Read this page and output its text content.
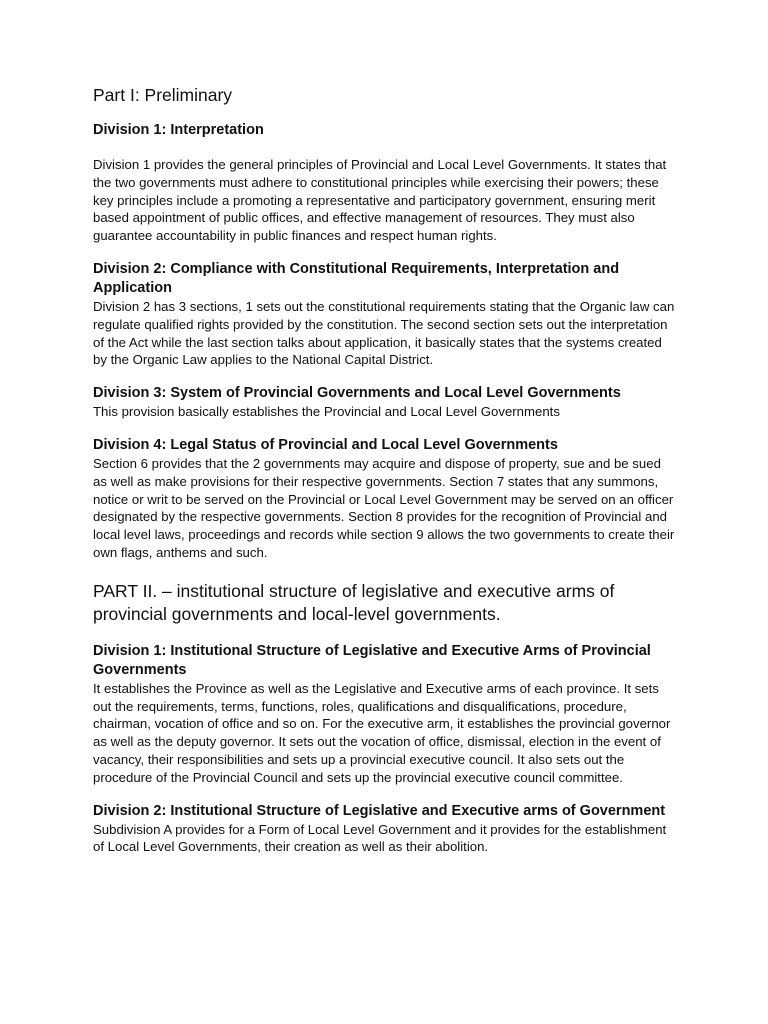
Part I: Preliminary
Division 1: Interpretation

Division 1 provides the general principles of Provincial and Local Level Governments. It states that the two governments must adhere to constitutional principles while exercising their powers; these key principles include a promoting a representative and participatory government, ensuring merit based appointment of public offices, and effective management of resources. They must also guarantee accountability in public finances and respect human rights.

Division 2: Compliance with Constitutional Requirements, Interpretation and Application

Division 2 has 3 sections, 1 sets out the constitutional requirements stating that the Organic law can regulate qualified rights provided by the constitution. The second section sets out the interpretation of the Act while the last section talks about application, it basically states that the systems created by the Organic Law applies to the National Capital District.

Division 3: System of Provincial Governments and Local Level Governments

This provision basically establishes the Provincial and Local Level Governments

Division 4: Legal Status of Provincial and Local Level Governments

Section 6 provides that the 2 governments may acquire and dispose of property, sue and be sued as well as make provisions for their respective governments. Section 7 states that any summons, notice or writ to be served on the Provincial or Local Level Government may be served on an officer designated by the respective governments. Section 8 provides for the recognition of Provincial and local level laws, proceedings and records while section 9 allows the two governments to create their own flags, anthems and such.

PART II. – institutional structure of legislative and executive arms of provincial governments and local-level governments.
Division 1: Institutional Structure of Legislative and Executive Arms of Provincial Governments

It establishes the Province as well as the Legislative and Executive arms of each province. It sets out the requirements, terms, functions, roles, qualifications and disqualifications, procedure, chairman, vocation of office and so on. For the executive arm, it establishes the provincial governor as well as the deputy governor. It sets out the vocation of office, dismissal, election in the event of vacancy, their responsibilities and sets up a provincial executive council. It also sets out the procedure of the Provincial Council and sets up the provincial executive council committee.

Division 2: Institutional Structure of Legislative and Executive arms of Government

Subdivision A provides for a Form of Local Level Government and it provides for the establishment of Local Level Governments, their creation as well as their abolition.
